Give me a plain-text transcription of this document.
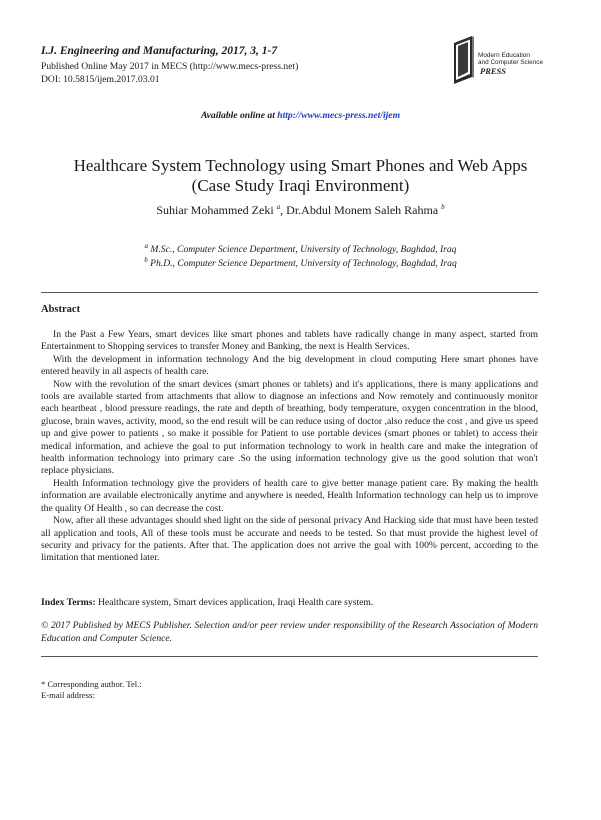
I.J. Engineering and Manufacturing, 2017, 3, 1-7
Published Online May 2017 in MECS (http://www.mecs-press.net)
DOI: 10.5815/ijem.2017.03.01
Modern Education
and Computer Science
PRESS
Available online at http://www.mecs-press.net/ijem
Healthcare System Technology using Smart Phones and Web Apps
(Case Study Iraqi Environment)
Suhiar Mohammed Zeki $^a$, Dr.Abdul Monem Saleh Rahma $^b$
$^a$ M.Sc., Computer Science Department, University of Technology, Baghdad, Iraq
$^b$ Ph.D., Computer Science Department, University of Technology, Baghdad, Iraq
Abstract

In the Past a Few Years, smart devices like smart phones and tablets have radically change in many aspect, started from Entertainment to Shopping services to transfer Money and Banking, the next is Health Services.

With the development in information technology And the big development in cloud computing Here smart phones have entered heavily in all aspects of health care.

Now with the revolution of the smart devices (smart phones or tablets) and it's applications, there is many applications and tools are available started from attachments that allow to diagnose an infections and Now remotely and continuously monitor each heartbeat , blood pressure readings, the rate and depth of breathing, body temperature, oxygen concentration in the blood, glucose, brain waves, activity, mood, so the end result will be can reduce using of doctor ,also reduce the cost , and give us speed up and give power to patients , so make it possible for Patient to use portable devices (smart phones or tablet) to access their medical information, and achieve the goal to put information technology to work in health care and make the integration of health information technology into primary care .So the using information technology give us the good solution that won't replace physicians.

Health Information technology give the providers of health care to give better manage patient care. By making the health information are available electronically anytime and anywhere is needed, Health Information technology can help us to improve the quality Of Health , so can decrease the cost.

Now, after all these advantages should shed light on the side of personal privacy And Hacking side that must have been tested all application and tools, All of these tools must be accurate and needs to be tested. So that must provide the highest level of security and privacy for the patients. After that. The application does not arrive the goal with 100% percent, according to the limitation that mentioned later.

Index Terms: Healthcare system, Smart devices application, Iraqi Health care system.
© 2017 Published by MECS Publisher. Selection and/or peer review under responsibility of the Research Association of Modern Education and Computer Science.
* Corresponding author. Tel.:
E-mail address:
